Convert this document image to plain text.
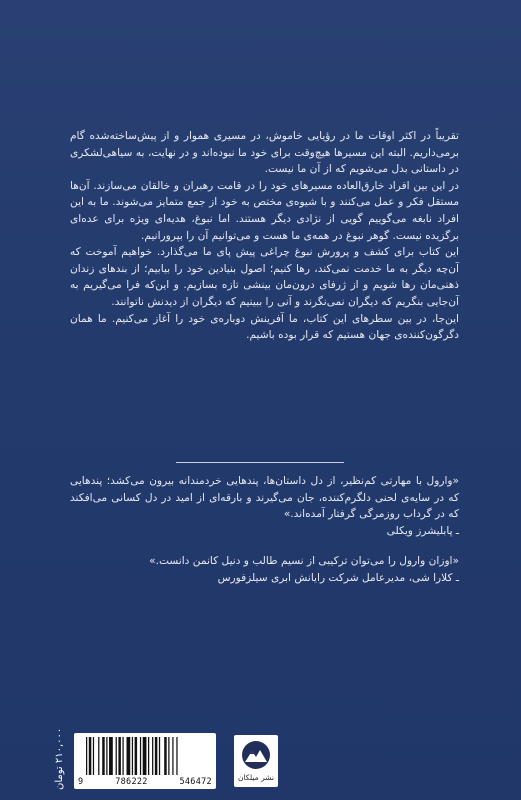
تقریباً در اکثر اوقات ما در رؤیایی خاموش، در مسیری هموار و از پیش‌ساخته‌شده گام برمی‌داریم. البته این مسیرها هیچ‌وقت برای خود ما نبوده‌اند و در نهایت، به سیاهی‌لشکری در داستانی بدل می‌شویم که از آن ما نیست.

در این بین افراد خارق‌العاده مسیرهای خود را در قامت رهبران و خالقان می‌سازند. آن‌ها مستقل فکر و عمل می‌کنند و با شیوه‌ی مختص به خود از جمع متمایز می‌شوند. ما به این افراد نابغه می‌گوییم گویی از نژادی دیگر هستند. اما نبوغ، هدیه‌ای ویژه برای عده‌ای برگزیده نیست. گوهر نبوغ در همه‌ی ما هست و می‌توانیم آن را بپرورانیم.

این کتاب برای کشف و پرورش نبوغ چراغی پیش پای ما می‌گذارد. خواهیم آموخت که آن‌چه دیگر به ما خدمت نمی‌کند، رها کنیم؛ اصول بنیادین خود را بیابیم؛ از بندهای زندان ذهنی‌مان رها شویم و از ژرفای درون‌مان بینشی تازه بسازیم. و این‌که فرا می‌گیریم به آن‌جایی بنگریم که دیگران نمی‌نگرند و آنی را ببینیم که دیگران از دیدنش ناتوانند.

این‌جا، در بین سطرهای این کتاب، ما آفرینش دوباره‌ی خود را آغاز می‌کنیم. ما همان دگرگون‌کننده‌ی جهان هستیم که قرار بوده باشیم.

«وارول با مهارتی کم‌نظیر، از دل داستان‌ها، پندهایی خردمندانه بیرون می‌کشد؛ پندهایی که در سایه‌ی لحنی دلگرم‌کننده، جان می‌گیرند و بارقه‌ای از امید در دل کسانی می‌افکند که در گرداب روزمرگی گرفتار آمده‌اند.»

ـ پابلیشرز ویکلی

«اوزان وارول را می‌توان ترکیبی از نسیم طالب و دنیل کانمن دانست.»

ـ کلارا شی، مدیرعامل شرکت رایانش ابری سیلزفورس

۲۱۰,۰۰۰ تومان
9	786222	546472	نشر میلکان
